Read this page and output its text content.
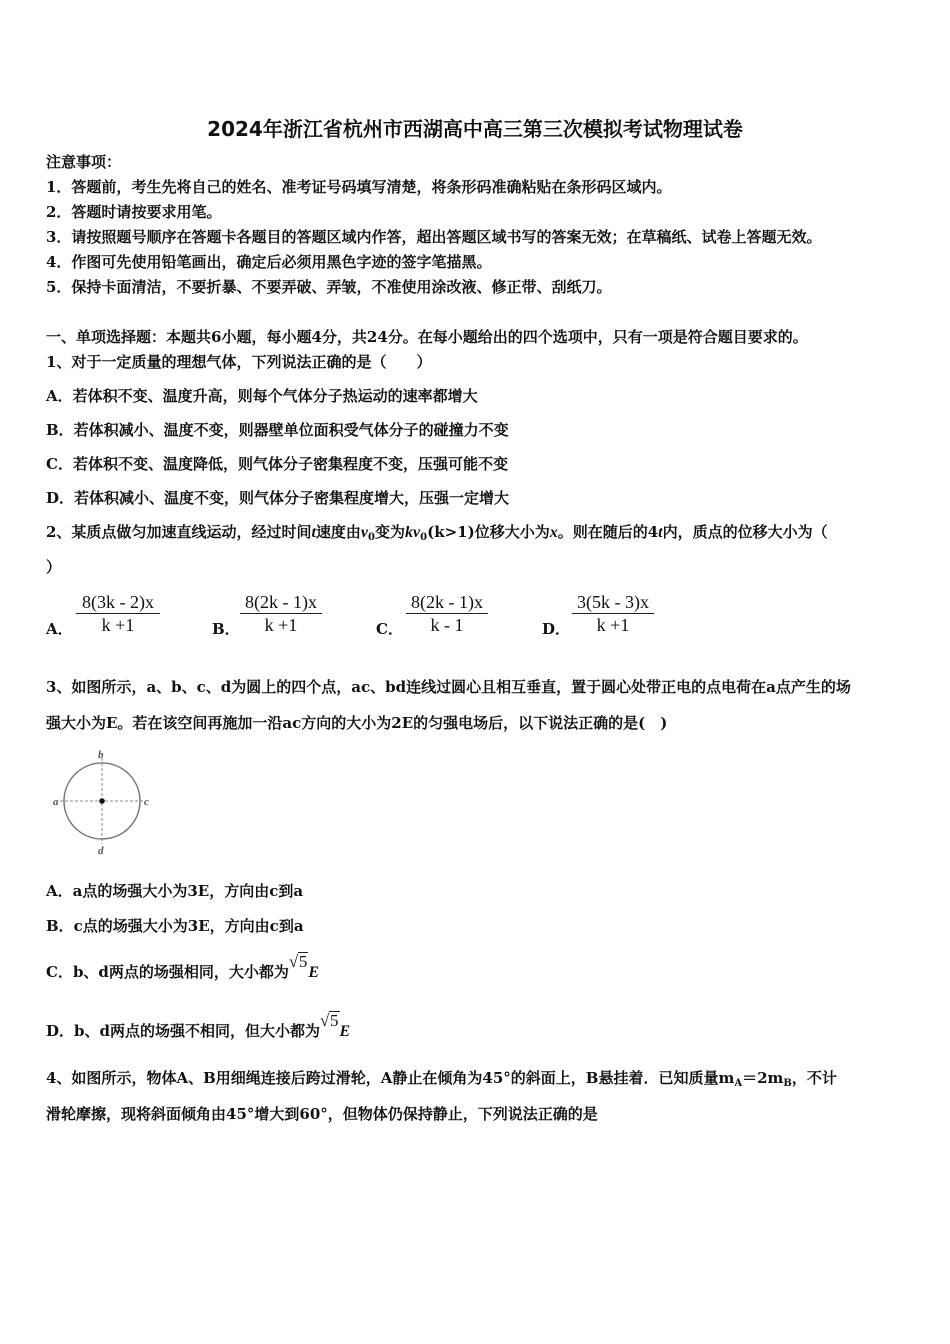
2024年浙江省杭州市西湖高中高三第三次模拟考试物理试卷
注意事项：
1．答题前，考生先将自己的姓名、准考证号码填写清楚，将条形码准确粘贴在条形码区域内。
2．答题时请按要求用笔。
3．请按照题号顺序在答题卡各题目的答题区域内作答，超出答题区域书写的答案无效；在草稿纸、试卷上答题无效。
4．作图可先使用铅笔画出，确定后必须用黑色字迹的签字笔描黑。
5．保持卡面清洁，不要折暴、不要弄破、弄皱，不准使用涂改液、修正带、刮纸刀。
一、单项选择题：本题共6小题，每小题4分，共24分。在每小题给出的四个选项中，只有一项是符合题目要求的。
1、对于一定质量的理想气体，下列说法正确的是（　　）
A．若体积不变、温度升高，则每个气体分子热运动的速率都增大
B．若体积减小、温度不变，则器壁单位面积受气体分子的碰撞力不变
C．若体积不变、温度降低，则气体分子密集程度不变，压强可能不变
D．若体积减小、温度不变，则气体分子密集程度增大，压强一定增大
2、某质点做匀加速直线运动，经过时间t速度由$v_0$变为$kv_0(k>1)$位移大小为x。则在随后的4t内，质点的位移大小为（
）
A． $\frac{8(3k - 2)x}{k +1}$	B． $\frac{8(2k - 1)x}{k +1}$	C． $\frac{8(2k - 1)x}{k - 1}$	D． $\frac{3(5k - 3)x}{k +1}$
3、如图所示，a、b、c、d为圆上的四个点，ac、bd连线过圆心且相互垂直，置于圆心处带正电的点电荷在a点产生的场
强大小为E。若在该空间再施加一沿ac方向的大小为2E的匀强电场后，以下说法正确的是(　)
a
b
c
d
A．a点的场强大小为3E，方向由c到a
B．c点的场强大小为3E，方向由c到a
C．b、d两点的场强相同，大小都为
√ 5E
D．b、d两点的场强不相同，但大小都为
√ 5E
4、如图所示，物体A、B用细绳连接后跨过滑轮，A静止在倾角为45°的斜面上，B悬挂着．已知质量$m_A=2m_B$，不计
滑轮摩擦，现将斜面倾角由45°增大到60°，但物体仍保持静止，下列说法正确的是
